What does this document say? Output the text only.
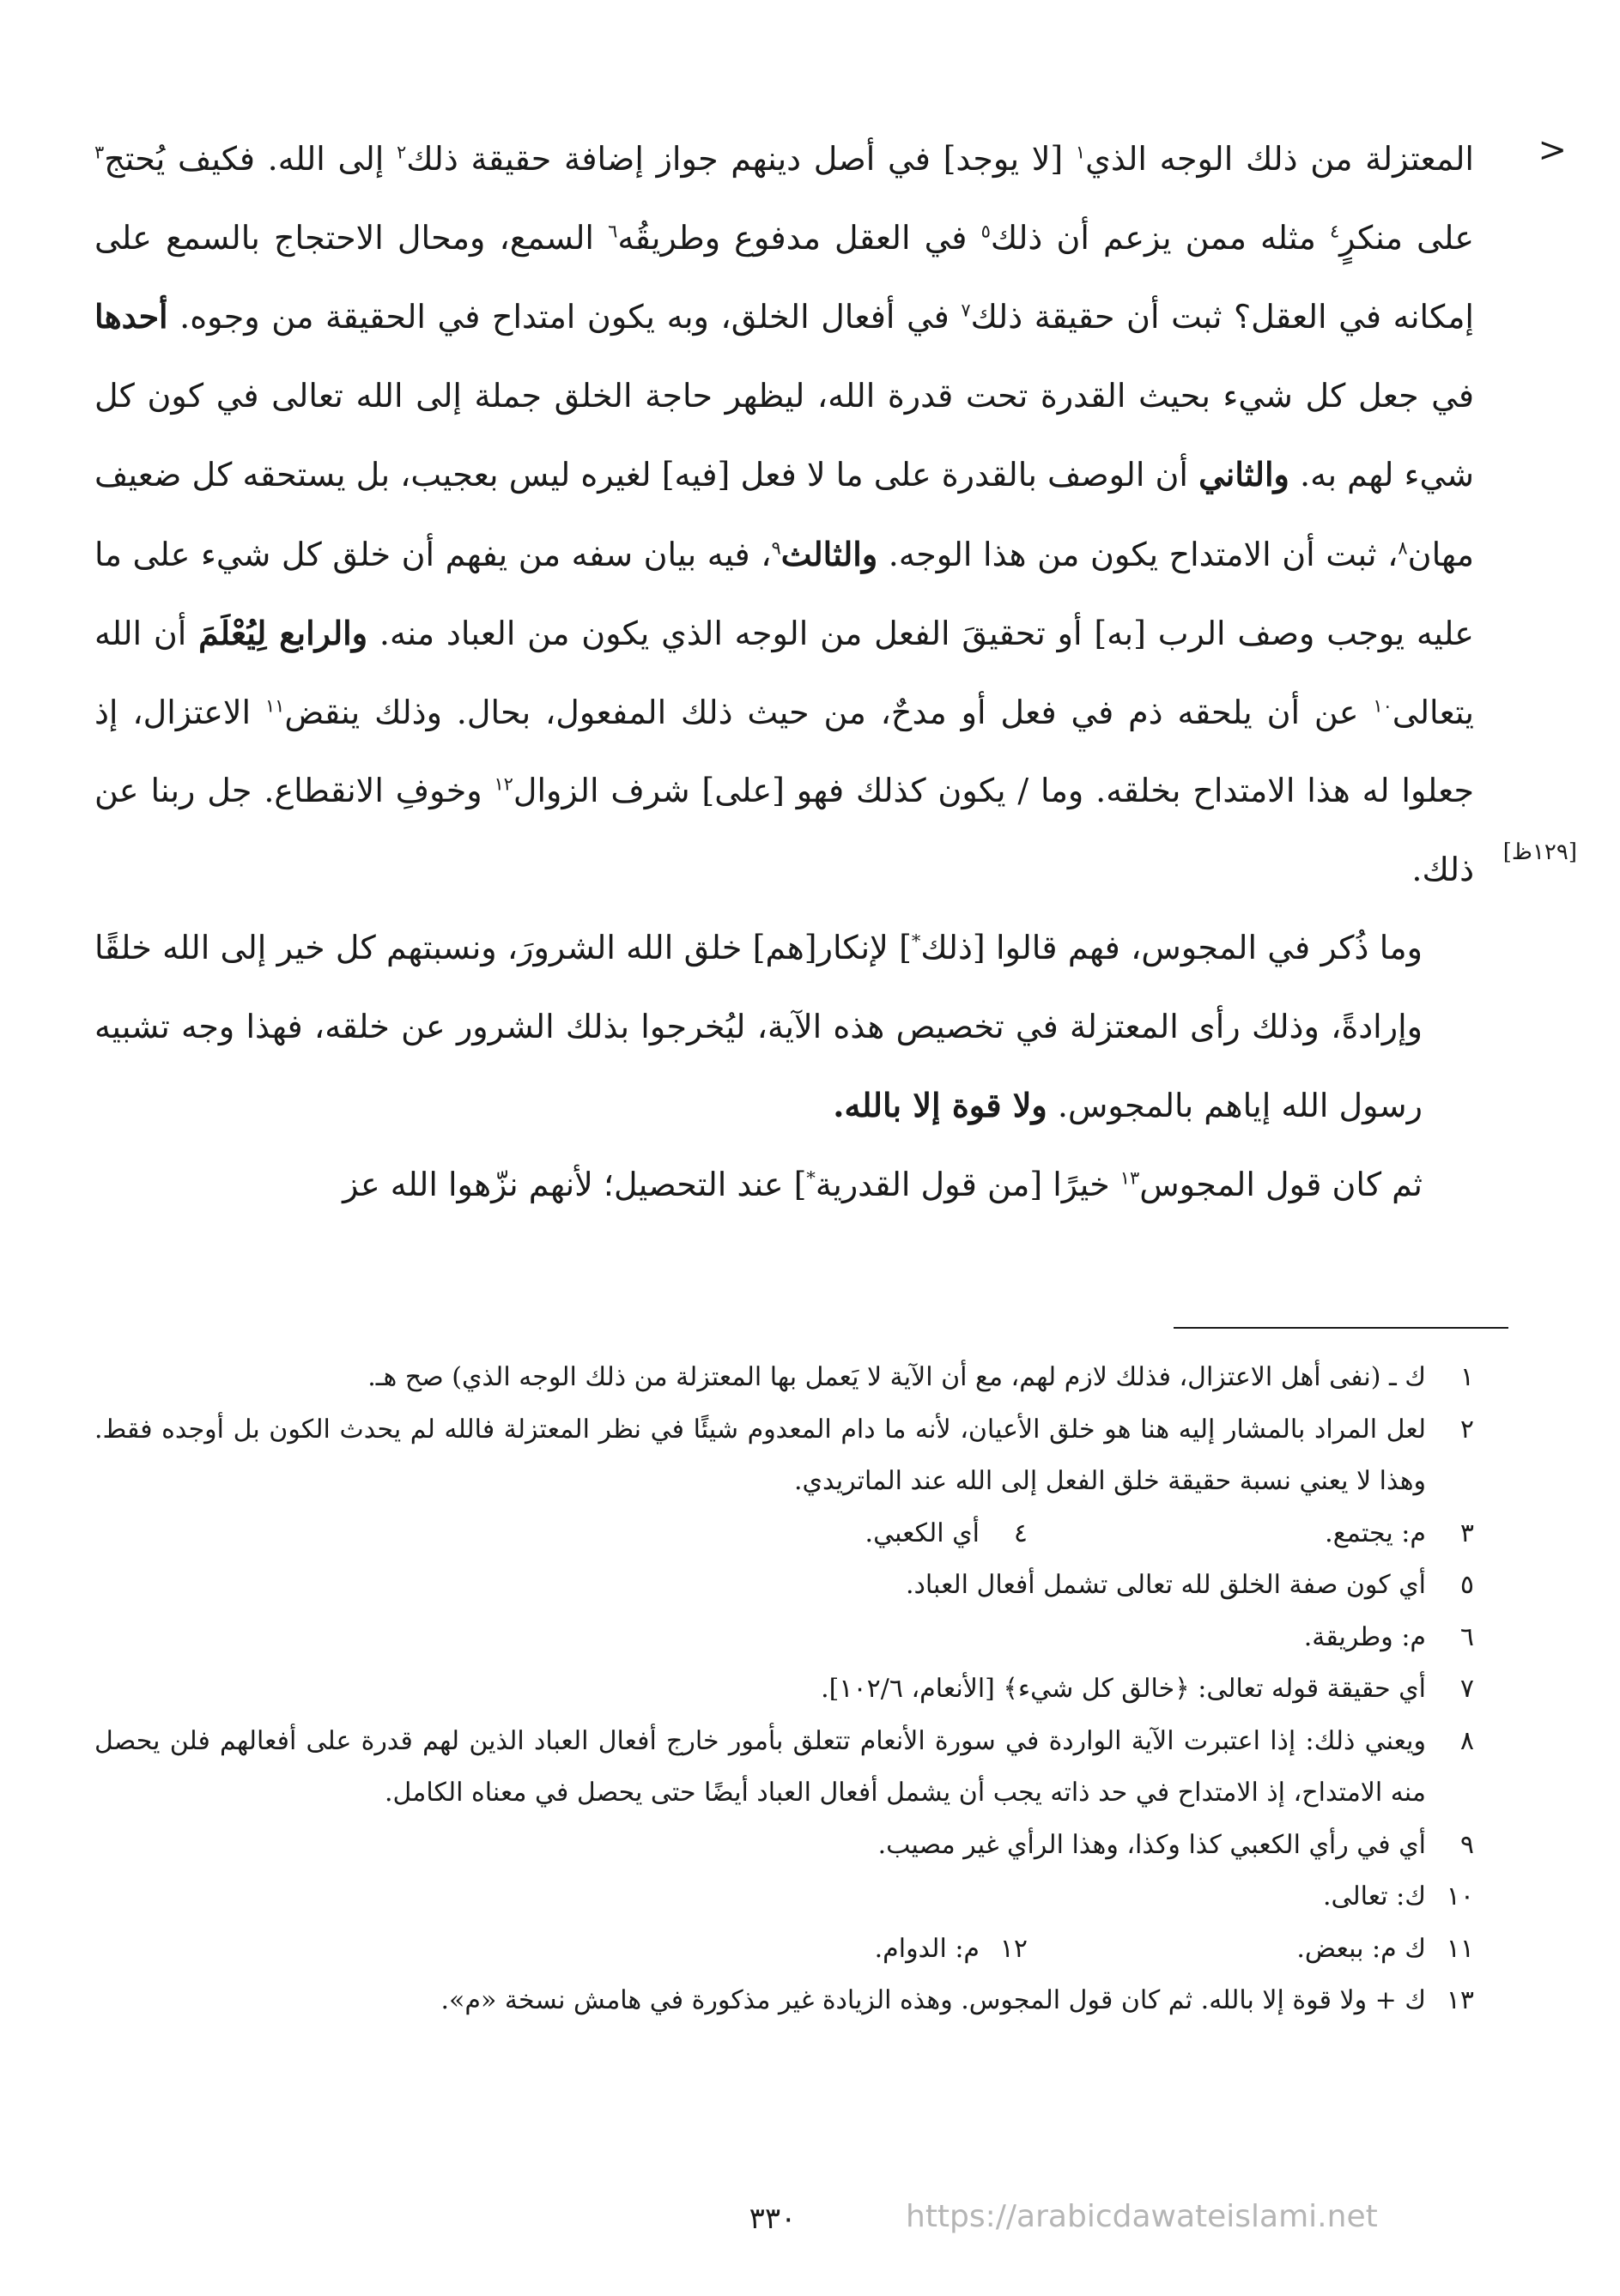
<
[١٢٩ظ]

المعتزلة من ذلك الوجه الذي$^١$ [لا يوجد] في أصل دينهم جواز إضافة حقيقة ذلك$^٢$ إلى الله. فكيف يُحتج$^٣$ على منكرٍ$^٤$ مثله ممن يزعم أن ذلك$^٥$ في العقل مدفوع وطريقُه$^٦$ السمع، ومحال الاحتجاج بالسمع على إمكانه في العقل؟ ثبت أن حقيقة ذلك$^٧$ في أفعال الخلق، وبه يكون امتداح في الحقيقة من وجوه. أحدها في جعل كل شيء بحيث القدرة تحت قدرة الله، ليظهر حاجة الخلق جملة إلى الله تعالى في كون كل شيء لهم به. والثاني أن الوصف بالقدرة على ما لا فعل [فيه] لغيره ليس بعجيب، بل يستحقه كل ضعيف مهان$^٨$، ثبت أن الامتداح يكون من هذا الوجه. والثالث$^٩$، فيه بيان سفه من يفهم أن خلق كل شيء على ما عليه يوجب وصف الرب [به] أو تحقيقَ الفعل من الوجه الذي يكون من العباد منه. والرابع لِيُعْلَمَ أن الله يتعالى$^{١٠}$ عن أن يلحقه ذم في فعل أو مدحٌ، من حيث ذلك المفعول، بحال. وذلك ينقض$^{١١}$ الاعتزال، إذ جعلوا له هذا الامتداح بخلقه. وما / يكون كذلك فهو [على] شرف الزوال$^{١٢}$ وخوفِ الانقطاع. جل ربنا عن ذلك.

وما ذُكر في المجوس، فهم قالوا [ذلك*] لإنكار[هم] خلق الله الشرورَ، ونسبتهم كل خير إلى الله خلقًا وإرادةً، وذلك رأى المعتزلة في تخصيص هذه الآية، ليُخرجوا بذلك الشرور عن خلقه، فهذا وجه تشبيه رسول الله إياهم بالمجوس. ولا قوة إلا بالله.

ثم كان قول المجوس$^{١٣}$ خيرًا [من قول القدرية*] عند التحصيل؛ لأنهم نزّهوا الله عز

١
ك ـ (نفى أهل الاعتزال، فذلك لازم لهم، مع أن الآية لا يَعمل بها المعتزلة من ذلك الوجه الذي) صح هـ.
٢
لعل المراد بالمشار إليه هنا هو خلق الأعيان، لأنه ما دام المعدوم شيئًا في نظر المعتزلة فالله لم يحدث الكون بل أوجده فقط. وهذا لا يعني نسبة حقيقة خلق الفعل إلى الله عند الماتريدي.
٣
م: يجتمع.
٤
أي الكعبي.
٥
أي كون صفة الخلق لله تعالى تشمل أفعال العباد.
٦
م: وطريقة.
٧
أي حقيقة قوله تعالى: ﴿خالق كل شيء﴾ [الأنعام، ١٠٢/٦].
٨
ويعني ذلك: إذا اعتبرت الآية الواردة في سورة الأنعام تتعلق بأمور خارج أفعال العباد الذين لهم قدرة على أفعالهم فلن يحصل منه الامتداح، إذ الامتداح في حد ذاته يجب أن يشمل أفعال العباد أيضًا حتى يحصل في معناه الكامل.
٩
أي في رأي الكعبي كذا وكذا، وهذا الرأي غير مصيب.
١٠
ك: تعالى.
١١
ك م: ببعض.
١٢
م: الدوام.
١٣
ك + ولا قوة إلا بالله. ثم كان قول المجوس. وهذه الزيادة غير مذكورة في هامش نسخة «م».
٣٣٠	https://arabicdawateislami.net
